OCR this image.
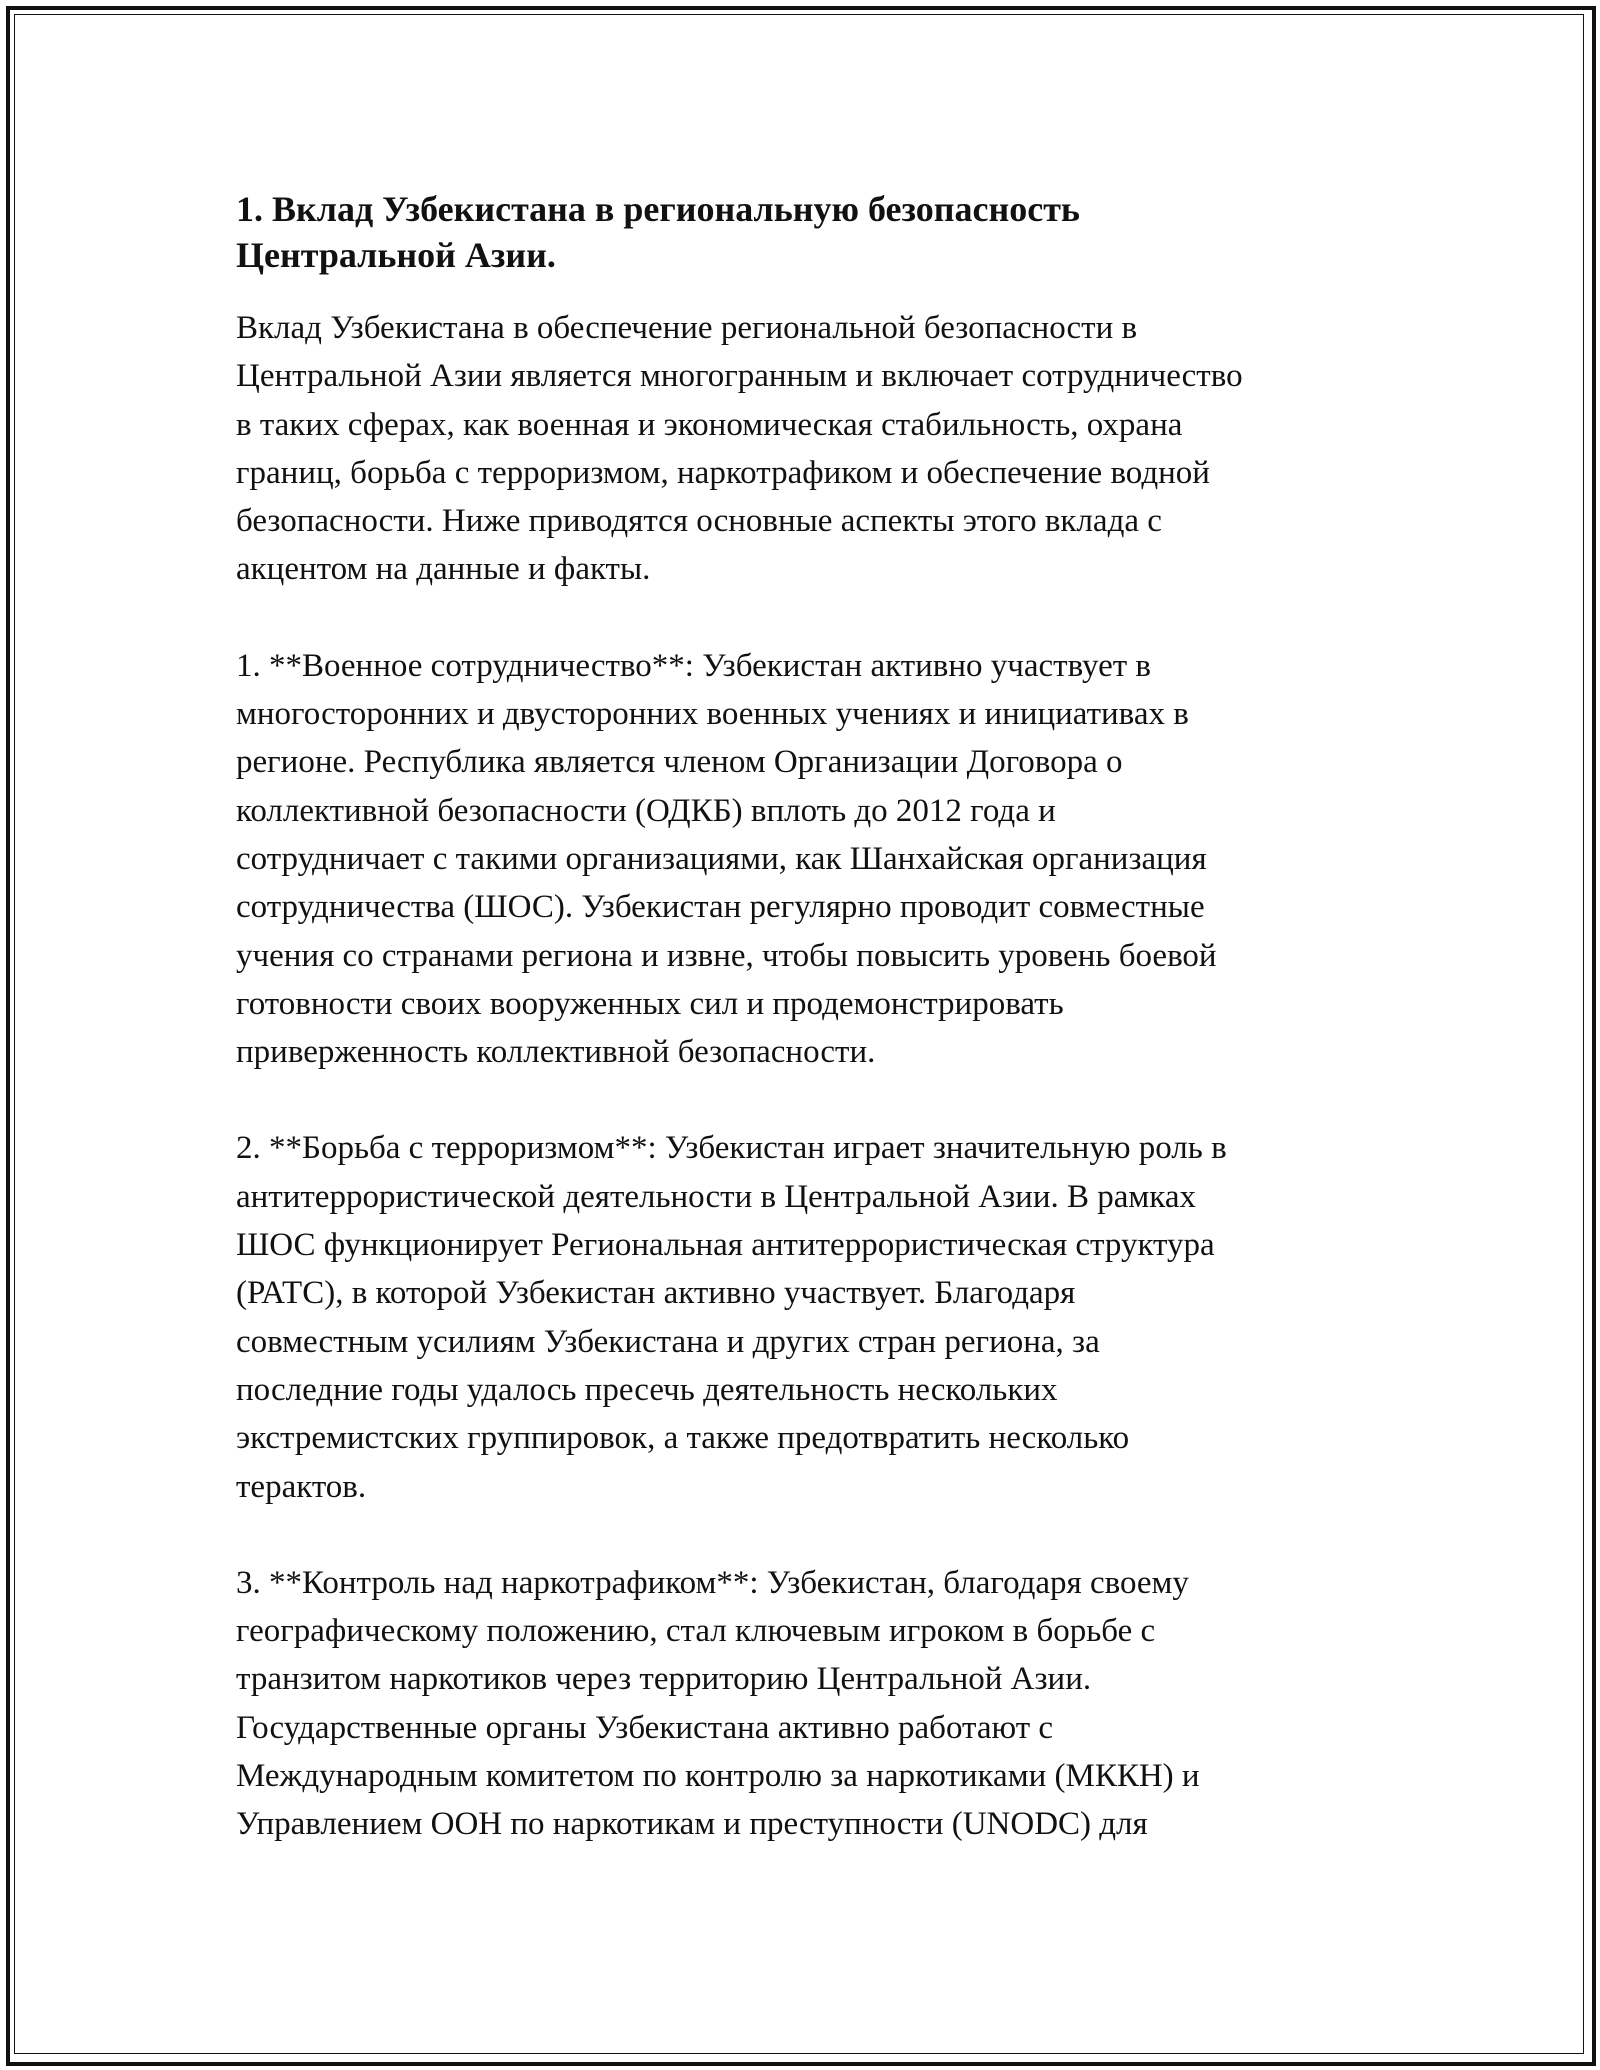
1. Вклад Узбекистана в региональную безопасность
Центральной Азии.

Вклад Узбекистана в обеспечение региональной безопасности в
Центральной Азии является многогранным и включает сотрудничество
в таких сферах, как военная и экономическая стабильность, охрана
границ, борьба с терроризмом, наркотрафиком и обеспечение водной
безопасности. Ниже приводятся основные аспекты этого вклада с
акцентом на данные и факты.

1. **Военное сотрудничество**: Узбекистан активно участвует в
многосторонних и двусторонних военных учениях и инициативах в
регионе. Республика является членом Организации Договора о
коллективной безопасности (ОДКБ) вплоть до 2012 года и
сотрудничает с такими организациями, как Шанхайская организация
сотрудничества (ШОС). Узбекистан регулярно проводит совместные
учения со странами региона и извне, чтобы повысить уровень боевой
готовности своих вооруженных сил и продемонстрировать
приверженность коллективной безопасности.

2. **Борьба с терроризмом**: Узбекистан играет значительную роль в
антитеррористической деятельности в Центральной Азии. В рамках
ШОС функционирует Региональная антитеррористическая структура
(РАТС), в которой Узбекистан активно участвует. Благодаря
совместным усилиям Узбекистана и других стран региона, за
последние годы удалось пресечь деятельность нескольких
экстремистских группировок, а также предотвратить несколько
терактов.

3. **Контроль над наркотрафиком**: Узбекистан, благодаря своему
географическому положению, стал ключевым игроком в борьбе с
транзитом наркотиков через территорию Центральной Азии.
Государственные органы Узбекистана активно работают с
Международным комитетом по контролю за наркотиками (МККН) и
Управлением ООН по наркотикам и преступности (UNODC) для
